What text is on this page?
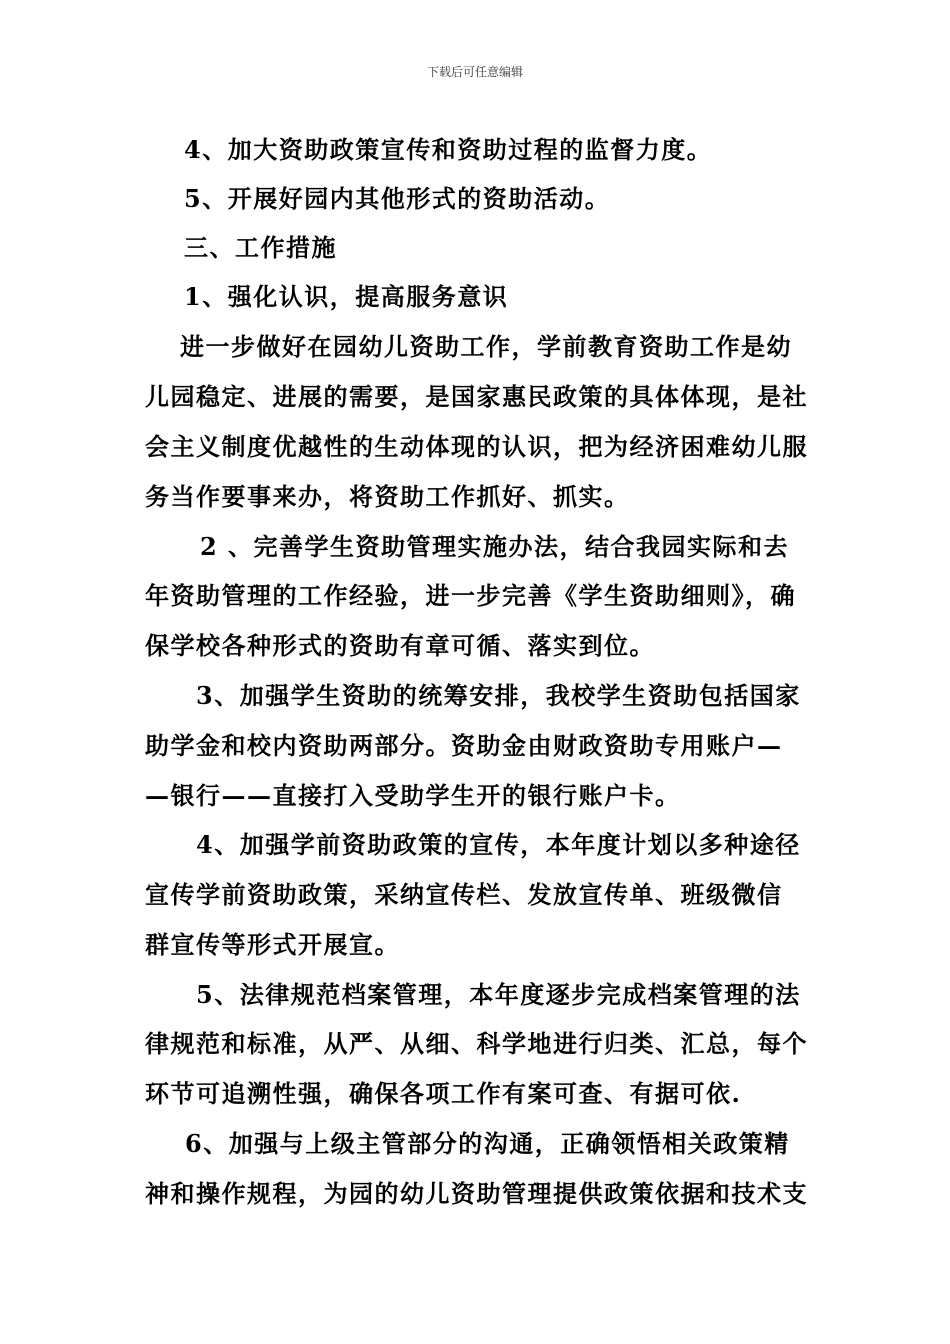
下载后可任意编辑
4、加大资助政策宣传和资助过程的监督力度。
5、开展好园内其他形式的资助活动。
三、工作措施
1、强化认识，提高服务意识
进一步做好在园幼儿资助工作，学前教育资助工作是幼
儿园稳定、进展的需要，是国家惠民政策的具体体现，是社
会主义制度优越性的生动体现的认识，把为经济困难幼儿服
务当作要事来办，将资助工作抓好、抓实。
2 、完善学生资助管理实施办法，结合我园实际和去
年资助管理的工作经验，进一步完善《学生资助细则》，确
保学校各种形式的资助有章可循、落实到位。
3、加强学生资助的统筹安排，我校学生资助包括国家
助学金和校内资助两部分。资助金由财政资助专用账户—
—银行——直接打入受助学生开的银行账户卡。
4、加强学前资助政策的宣传，本年度计划以多种途径
宣传学前资助政策，采纳宣传栏、发放宣传单、班级微信
群宣传等形式开展宣。
5、法律规范档案管理，本年度逐步完成档案管理的法
律规范和标准，从严、从细、科学地进行归类、汇总，每个
环节可追溯性强，确保各项工作有案可查、有据可依.
6、加强与上级主管部分的沟通，正确领悟相关政策精
神和操作规程，为园的幼儿资助管理提供政策依据和技术支
